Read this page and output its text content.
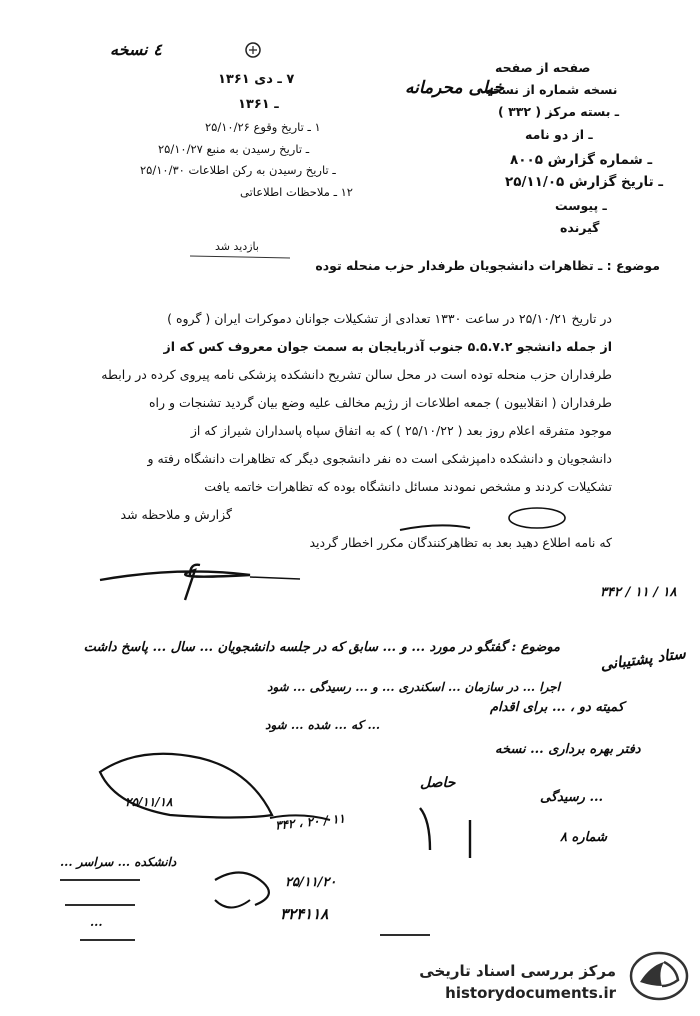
٤ نسخه
۷ ـ دی ۱۳۶۱
ـ ۱۳۶۱
۱ ـ تاریخ وقوع ۲۵/۱۰/۲۶
ـ تاریخ رسیدن به منبع ۲۵/۱۰/۲۷
ـ تاریخ رسیدن به رکن اطلاعات ۲۵/۱۰/۳۰
۱۲ ـ ملاحظات اطلاعاتی
خیلی محرمانه
صفحه از صفحه
نسخه شماره از نسخه
ـ بسته مرکز ( ۳۳۲ )
ـ از دو نامه
ـ شماره گزارش ۸۰۰۵
ـ تاریخ گزارش ۲۵/۱۱/۰۵
ـ پیوست
گیرنده
بازدید شد
موضوع : ـ تظاهرات دانشجویان طرفدار حزب منحله توده

در تاریخ ۲۵/۱۰/۲۱ در ساعت ۱۳۳۰ تعدادی از تشکیلات جوانان دموکرات ایران ( گروه )

از جمله دانشجو ۵.۵.۷.۲ جنوب آذربایجان به سمت جوان معروف کس که از

طرفداران حزب منحله توده است در محل سالن تشریح دانشکده پزشکی نامه پیروی کرده در رابطه

طرفداران ( انقلابیون ) جمعه اطلاعات از رژیم مخالف علیه وضع بیان گردید تشنجات و راه

موجود متفرقه اعلام روز بعد ( ۲۵/۱۰/۲۲ ) که به اتفاق سپاه پاسداران شیراز که از

دانشجویان و دانشکده دامپزشکی است ده نفر دانشجوی دیگر که تظاهرات دانشگاه رفته و

تشکیلات کردند و مشخص نمودند مسائل دانشگاه بوده که تظاهرات خاتمه یافت

گزارش و ملاحظه شد

که نامه اطلاع دهید بعد به تظاهرکنندگان مکرر اخطار گردید

۳۴۲ / ۱۱ / ۱۸
موضوع : گفتگو در مورد ... و ... سابق که در جلسه دانشجویان ... سال ... پاسخ داشت
اجرا ... در سازمان ... اسکندری ... و ... رسیدگی ... شود
... که ... شده ... شود
ستاد پشتیبانی
کمیته دو ، ... برای اقدام
دفتر بهره برداری ... نسخه
... رسیدگی
شماره ۸
حاصل
۳۴۲ ، ۲۰ / ۱۱
۲۵/۱۱/۲۰
۳۲۴۱۱۸
دانشکده ... سراسر ...
...
۲۵/۱۱/۱۸
مرکز بررسی اسناد تاریخی
historydocuments.ir
